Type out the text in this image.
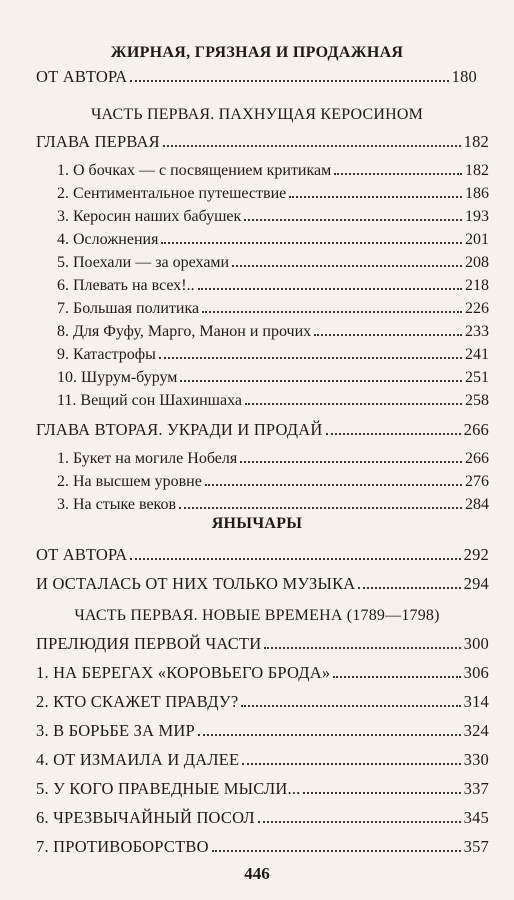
ЖИРНАЯ, ГРЯЗНАЯ И ПРОДАЖНАЯ
ОТ АВТОРА	180
ЧАСТЬ ПЕРВАЯ. ПАХНУЩАЯ КЕРОСИНОМ
ГЛАВА ПЕРВАЯ	182
1. О бочках — с посвящением критикам	182
2. Сентиментальное путешествие	186
3. Керосин наших бабушек	193
4. Осложнения	201
5. Поехали — за орехами	208
6. Плевать на всех!..	218
7. Большая политика	226
8. Для Фуфу, Марго, Манон и прочих	233
9. Катастрофы	241
10. Шурум-бурум	251
11. Вещий сон Шахиншаха	258
ГЛАВА ВТОРАЯ. УКРАДИ И ПРОДАЙ	266
1. Букет на могиле Нобеля	266
2. На высшем уровне	276
3. На стыке веков	284
ЯНЫЧАРЫ
ОТ АВТОРА	292
И ОСТАЛАСЬ ОТ НИХ ТОЛЬКО МУЗЫКА	294
ЧАСТЬ ПЕРВАЯ. НОВЫЕ ВРЕМЕНА (1789—1798)
ПРЕЛЮДИЯ ПЕРВОЙ ЧАСТИ	300
1. НА БЕРЕГАХ «КОРОВЬЕГО БРОДА»	306
2. КТО СКАЖЕТ ПРАВДУ?	314
3. В БОРЬБЕ ЗА МИР	324
4. ОТ ИЗМАИЛА И ДАЛЕЕ	330
5. У КОГО ПРАВЕДНЫЕ МЫСЛИ...	337
6. ЧРЕЗВЫЧАЙНЫЙ ПОСОЛ	345
7. ПРОТИВОБОРСТВО	357
446
